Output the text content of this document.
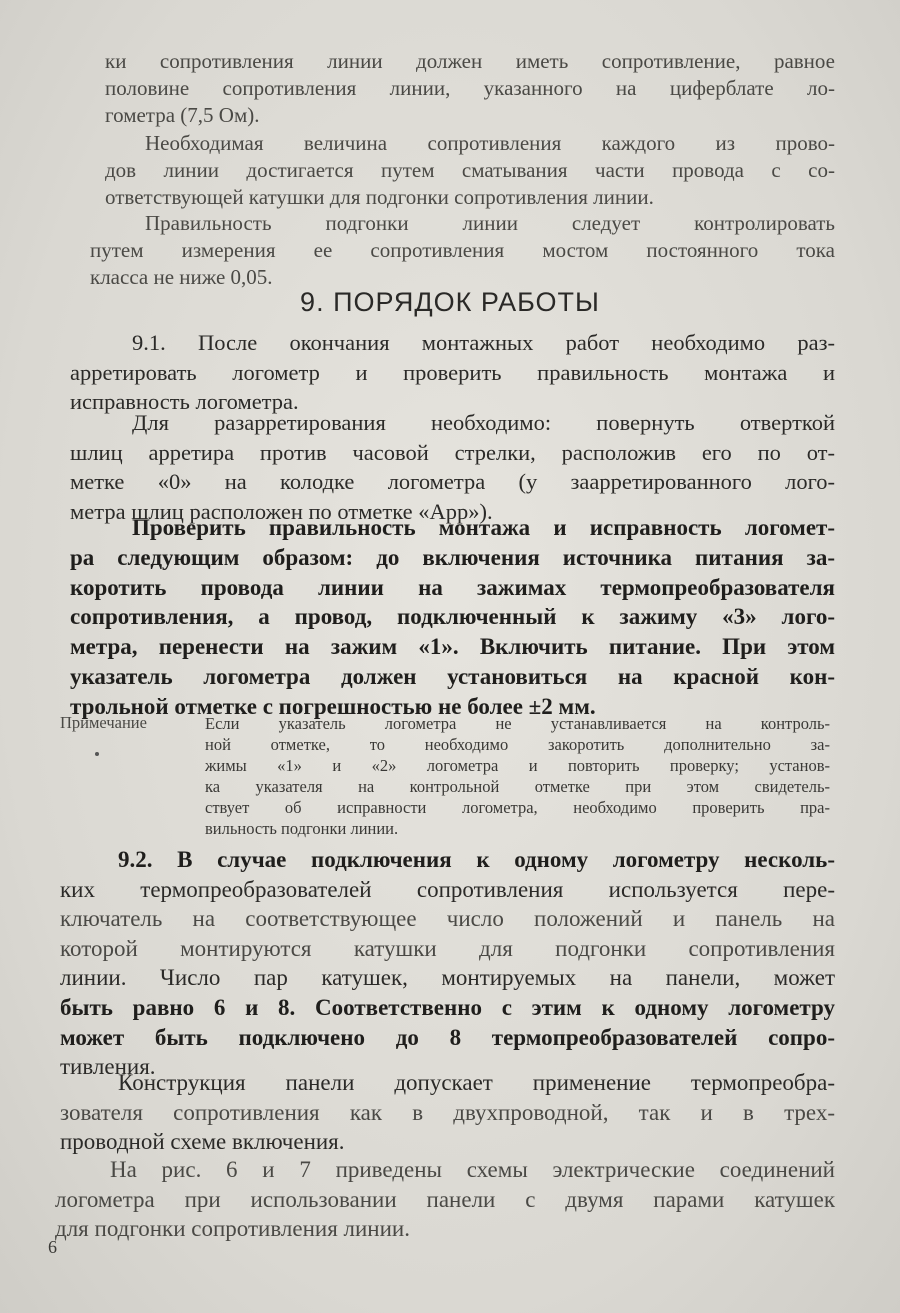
ки сопротивления линии должен иметь сопротивление, равное
половине сопротивления линии, указанного на циферблате ло-
гометра (7,5 Ом).
Необходимая величина сопротивления каждого из прово-
дов линии достигается путем сматывания части провода с со-
ответствующей катушки для подгонки сопротивления линии.
Правильность подгонки линии следует контролировать
путем измерения ее сопротивления мостом постоянного тока
класса не ниже 0,05.
9. ПОРЯДОК РАБОТЫ
9.1. После окончания монтажных работ необходимо раз-
арретировать логометр и проверить правильность монтажа и
исправность логометра.
Для разарретирования необходимо: повернуть отверткой
шлиц арретира против часовой стрелки, расположив его по от-
метке «0» на колодке логометра (у заарретированного лого-
метра шлиц расположен по отметке «Арр»).
Проверить правильность монтажа и исправность логомет-
ра следующим образом: до включения источника питания за-
коротить провода линии на зажимах термопреобразователя
сопротивления, а провод, подключенный к зажиму «3» лого-
метра, перенести на зажим «1». Включить питание. При этом
указатель логометра должен установиться на красной кон-
трольной отметке с погрешностью не более ±2 мм.
Примечание	Если указатель логометра не устанавливается на контроль-
ной отметке, то необходимо закоротить дополнительно за-
жимы «1» и «2» логометра и повторить проверку; установ-
ка указателя на контрольной отметке при этом свидетель-
ствует об исправности логометра, необходимо проверить пра-
вильность подгонки линии.
9.2. В случае подключения к одному логометру несколь-
ких термопреобразователей сопротивления используется пере-
ключатель на соответствующее число положений и панель на
которой монтируются катушки для подгонки сопротивления
линии. Число пар катушек, монтируемых на панели, может
быть равно 6 и 8. Соответственно с этим к одному логометру
может быть подключено до 8 термопреобразователей сопро-
тивления.
Конструкция панели допускает применение термопреобра-
зователя сопротивления как в двухпроводной, так и в трех-
проводной схеме включения.
На рис. 6 и 7 приведены схемы электрические соединений
логометра при использовании панели с двумя парами катушек
для подгонки сопротивления линии.
6
